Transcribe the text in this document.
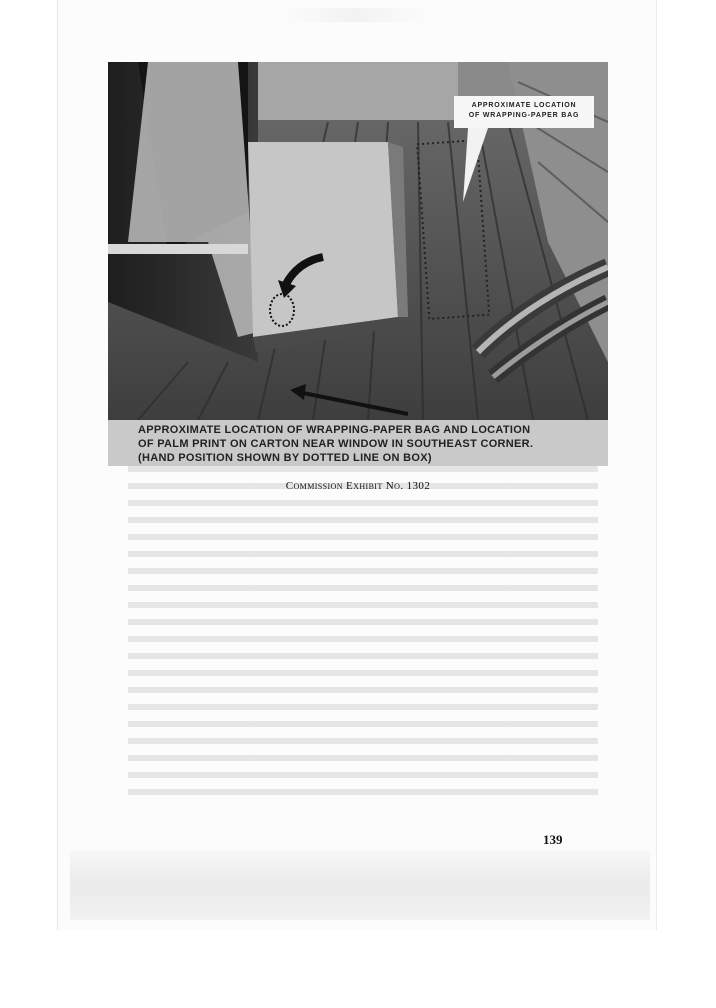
APPROXIMATE LOCATION
OF WRAPPING-PAPER BAG
APPROXIMATE LOCATION OF WRAPPING-PAPER BAG AND LOCATION
OF PALM PRINT ON CARTON NEAR WINDOW IN SOUTHEAST CORNER.
(HAND POSITION SHOWN BY DOTTED LINE ON BOX)
Commission Exhibit No. 1302
139
